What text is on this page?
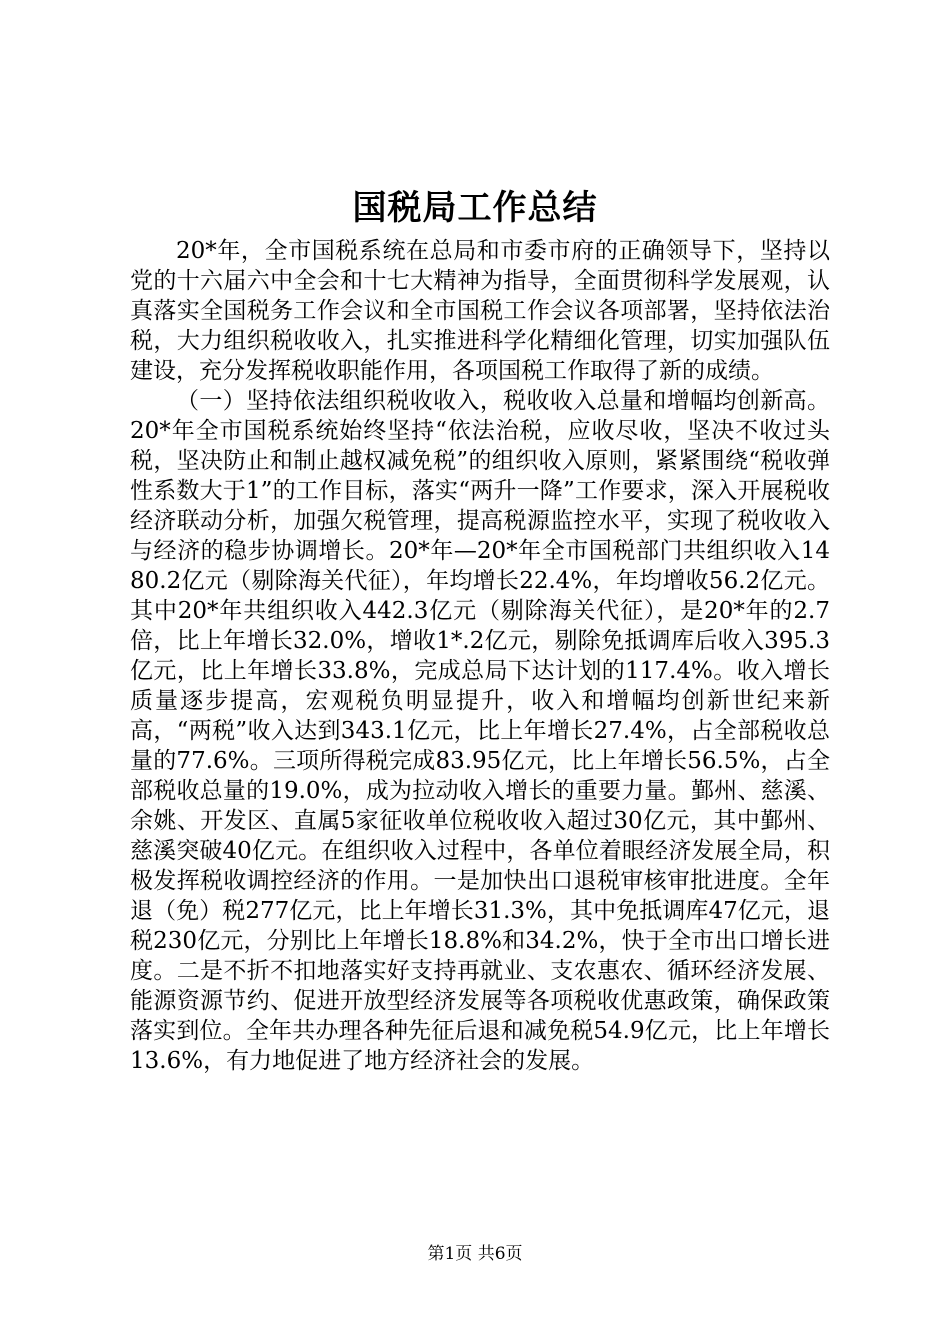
国税局工作总结

20*年，全市国税系统在总局和市委市府的正确领导下，坚持以党的十六届六中全会和十七大精神为指导，全面贯彻科学发展观，认真落实全国税务工作会议和全市国税工作会议各项部署，坚持依法治税，大力组织税收收入，扎实推进科学化精细化管理，切实加强队伍建设，充分发挥税收职能作用，各项国税工作取得了新的成绩。

（一）坚持依法组织税收收入，税收收入总量和增幅均创新高。20*年全市国税系统始终坚持“依法治税，应收尽收，坚决不收过头税，坚决防止和制止越权减免税”的组织收入原则，紧紧围绕“税收弹性系数大于1”的工作目标，落实“两升一降”工作要求，深入开展税收经济联动分析，加强欠税管理，提高税源监控水平，实现了税收收入与经济的稳步协调增长。20*年—20*年全市国税部门共组织收入1480.2亿元（剔除海关代征），年均增长22.4%，年均增收56.2亿元。其中20*年共组织收入442.3亿元（剔除海关代征），是20*年的2.7倍，比上年增长32.0%，增收1*.2亿元，剔除免抵调库后收入395.3亿元，比上年增长33.8%，完成总局下达计划的117.4%。收入增长质量逐步提高，宏观税负明显提升，收入和增幅均创新世纪来新高，“两税”收入达到343.1亿元，比上年增长27.4%，占全部税收总量的77.6%。三项所得税完成83.95亿元，比上年增长56.5%，占全部税收总量的19.0%，成为拉动收入增长的重要力量。鄞州、慈溪、余姚、开发区、直属5家征收单位税收收入超过30亿元，其中鄞州、慈溪突破40亿元。在组织收入过程中，各单位着眼经济发展全局，积极发挥税收调控经济的作用。一是加快出口退税审核审批进度。全年退（免）税277亿元，比上年增长31.3%，其中免抵调库47亿元，退税230亿元，分别比上年增长18.8%和34.2%，快于全市出口增长进度。二是不折不扣地落实好支持再就业、支农惠农、循环经济发展、能源资源节约、促进开放型经济发展等各项税收优惠政策，确保政策落实到位。全年共办理各种先征后退和减免税54.9亿元，比上年增长13.6%，有力地促进了地方经济社会的发展。

第1页 共6页
